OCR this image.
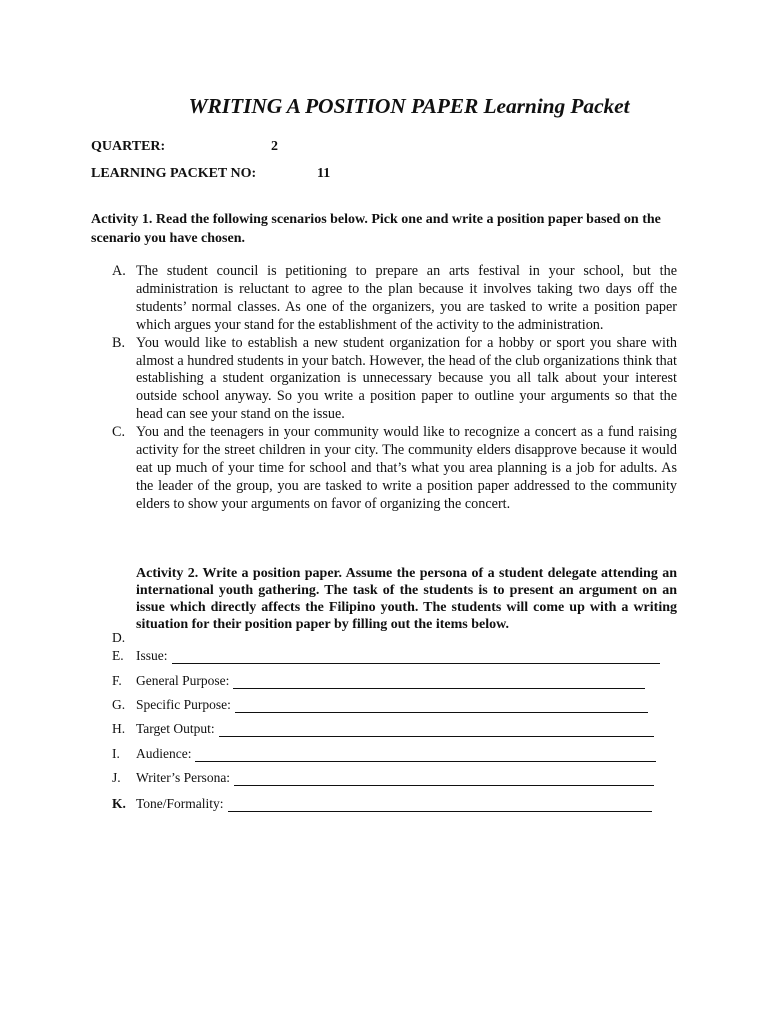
WRITING A POSITION PAPER Learning Packet
QUARTER:	2
LEARNING PACKET NO:	11
Activity 1. Read the following scenarios below. Pick one and write a position paper based on the scenario you have chosen.
A. The student council is petitioning to prepare an arts festival in your school, but the administration is reluctant to agree to the plan because it involves taking two days off the students’ normal classes. As one of the organizers, you are tasked to write a position paper which argues your stand for the establishment of the activity to the administration.
B. You would like to establish a new student organization for a hobby or sport you share with almost a hundred students in your batch. However, the head of the club organizations think that establishing a student organization is unnecessary because you all talk about your interest outside school anyway. So you write a position paper to outline your arguments so that the head can see your stand on the issue.
C. You and the teenagers in your community would like to recognize a concert as a fund raising activity for the street children in your city. The community elders disapprove because it would eat up much of your time for school and that’s what you area planning is a job for adults. As the leader of the group, you are tasked to write a position paper addressed to the community elders to show your arguments on favor of organizing the concert.
Activity 2. Write a position paper. Assume the persona of a student delegate attending an international youth gathering. The task of the students is to present an argument on an issue which directly affects the Filipino youth. The students will come up with a writing situation for their position paper by filling out the items below.
D.
E. Issue:
F.	General Purpose:
G. Specific Purpose:
H. Target Output:
I.	Audience:
J.	Writer’s Persona:
K. Tone/Formality:
